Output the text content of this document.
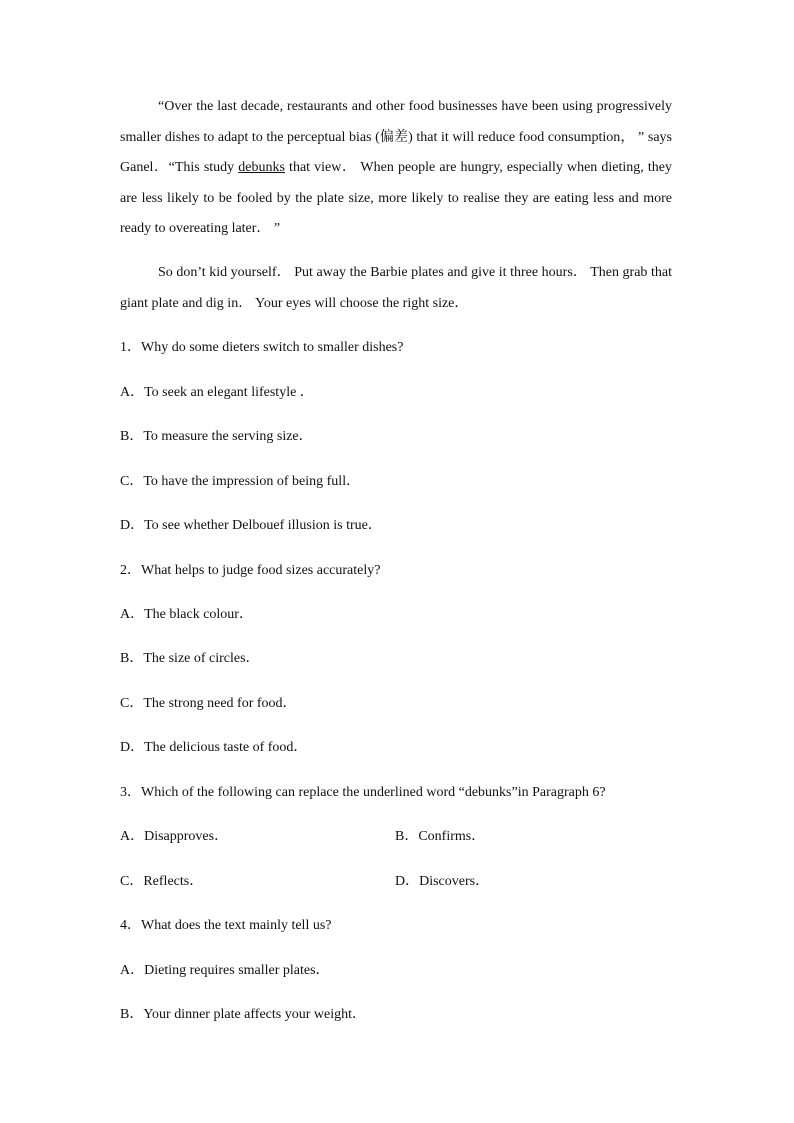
“Over the last decade, restaurants and other food businesses have been using progressively smaller dishes to adapt to the perceptual bias (偏差) that it will reduce food consumption， ” says Ganel．“This study debunks that view． When people are hungry, especially when dieting, they are less likely to be fooled by the plate size, more likely to realise they are eating less and more ready to overeating later． ”

So don’t kid yourself． Put away the Barbie plates and give it three hours． Then grab that giant plate and dig in． Your eyes will choose the right size．

1．Why do some dieters switch to smaller dishes?
A．To seek an elegant lifestyle ．
B．To measure the serving size．
C．To have the impression of being full．
D．To see whether Delbouef illusion is true．
2．What helps to judge food sizes accurately?
A．The black colour．
B．The size of circles．
C．The strong need for food．
D．The delicious taste of food．
3．Which of the following can replace the underlined word “debunks”in Paragraph 6?
A．Disapproves．	B．Confirms．
C．Reflects．	D．Discovers．
4．What does the text mainly tell us?
A．Dieting requires smaller plates．
B．Your dinner plate affects your weight．
